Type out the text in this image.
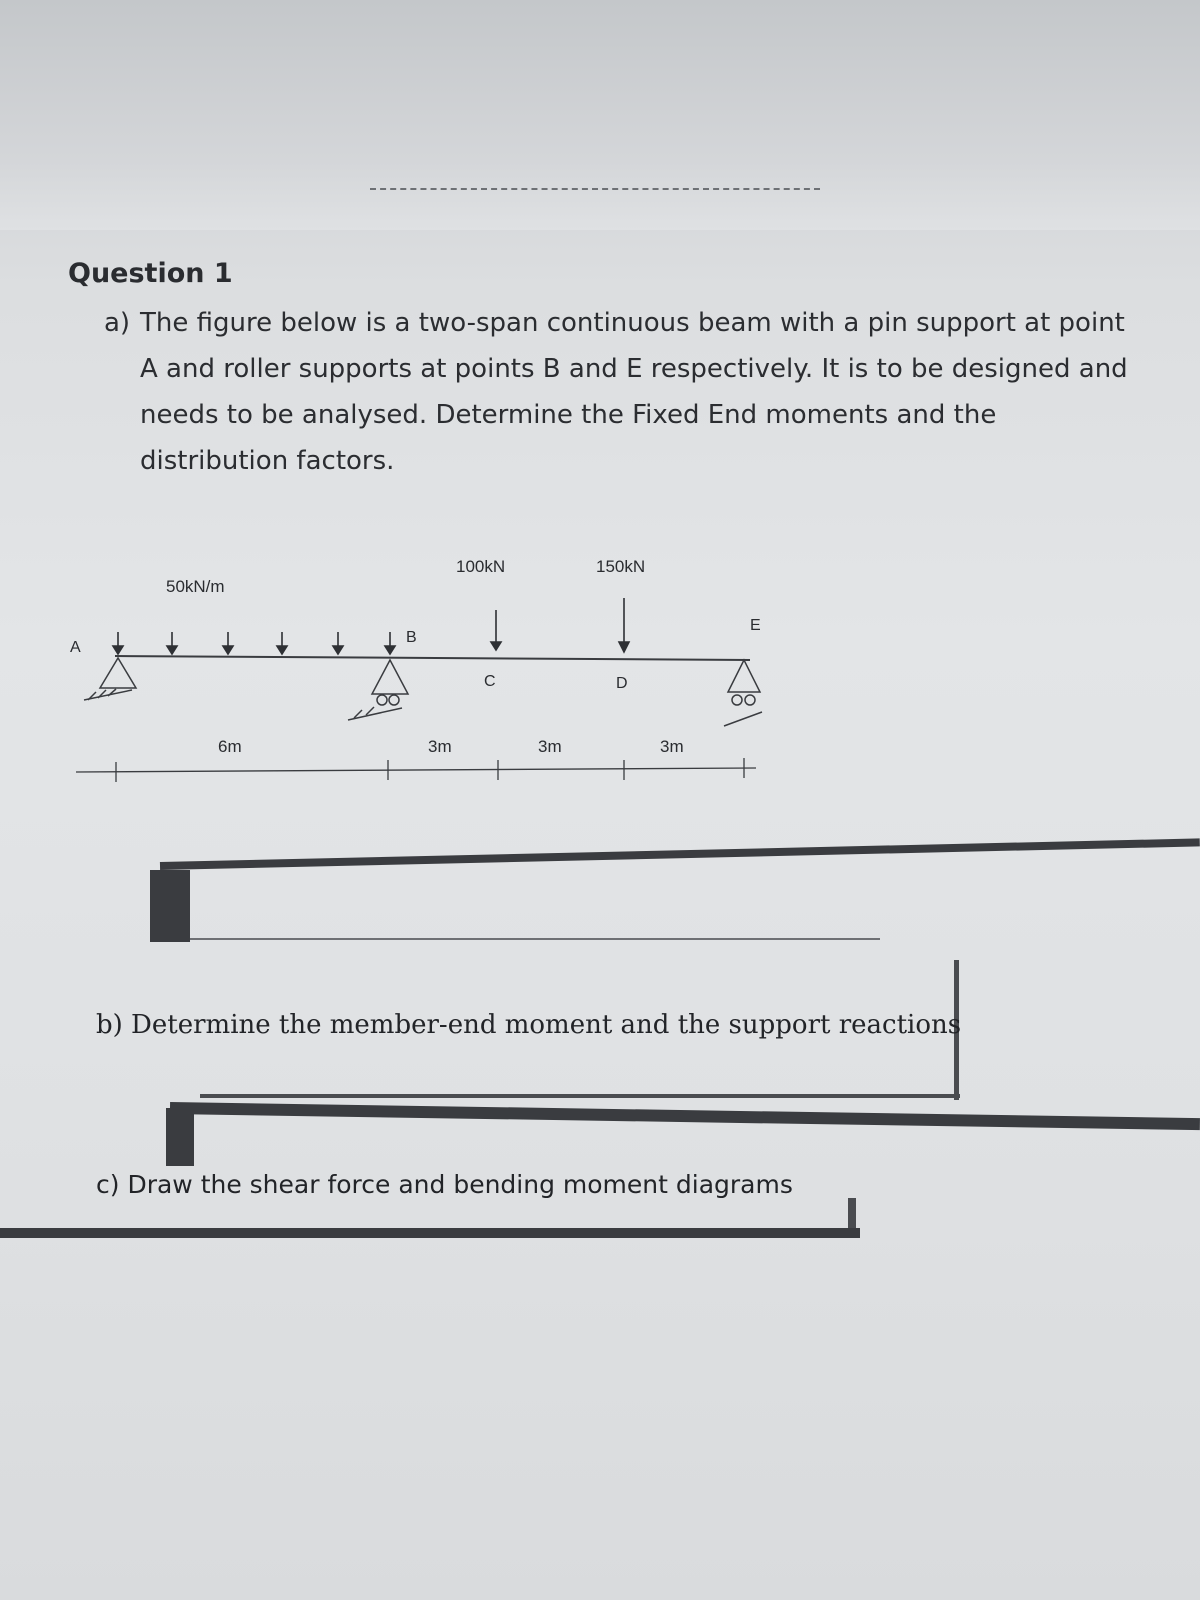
Question 1
a) The figure below is a two-span continuous beam with a pin support at point A and roller supports at points B and E respectively. It is to be designed and needs to be analysed. Determine the Fixed End moments and the distribution factors.
50kN/m
100kN	150kN
A
B
C	D
E
6m	3m	3m	3m
b) Determine the member-end moment and the support reactions
c) Draw the shear force and bending moment diagrams
